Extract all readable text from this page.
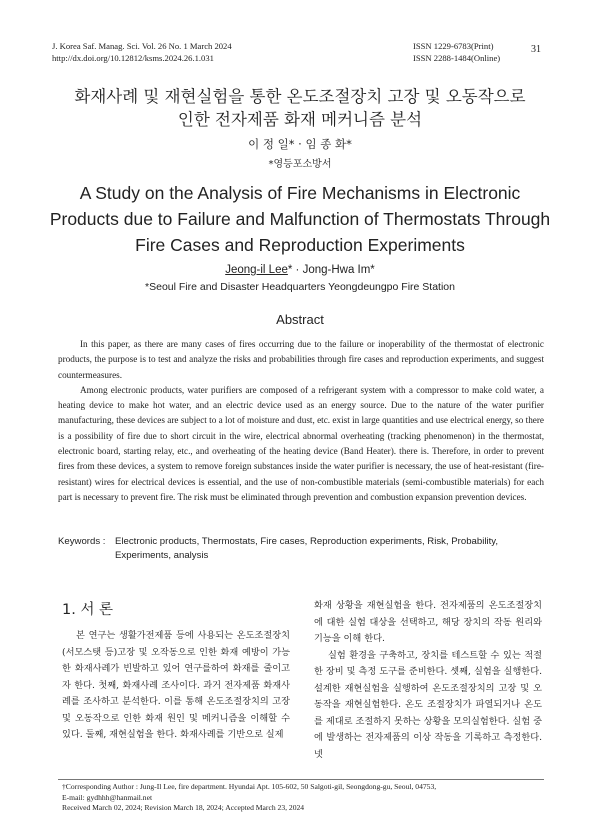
J. Korea Saf. Manag. Sci. Vol. 26 No. 1 March 2024
http://dx.doi.org/10.12812/ksms.2024.26.1.031
ISSN 1229-6783(Print)
ISSN 2288-1484(Online)
31
화재사례 및 재현실험을 통한 온도조절장치 고장 및 오동작으로
인한 전자제품 화재 메커니즘 분석
이 정 일* · 임 종 화*
*영등포소방서
A Study on the Analysis of Fire Mechanisms in Electronic
Products due to Failure and Malfunction of Thermostats Through
Fire Cases and Reproduction Experiments
Jeong-il Lee* · Jong-Hwa Im*
*Seoul Fire and Disaster Headquarters Yeongdeungpo Fire Station
Abstract

In this paper, as there are many cases of fires occurring due to the failure or inoperability of the thermostat of electronic products, the purpose is to test and analyze the risks and probabilities through fire cases and reproduction experiments, and suggest countermeasures.

Among electronic products, water purifiers are composed of a refrigerant system with a compressor to make cold water, a heating device to make hot water, and an electric device used as an energy source. Due to the nature of the water purifier manufacturing, these devices are subject to a lot of moisture and dust, etc. exist in large quantities and use electrical energy, so there is a possibility of fire due to short circuit in the wire, electrical abnormal overheating (tracking phenomenon) in the thermostat, electronic board, starting relay, etc., and overheating of the heating device (Band Heater). there is. Therefore, in order to prevent fires from these devices, a system to remove foreign substances inside the water purifier is necessary, the use of heat-resistant (fire-resistant) wires for electrical devices is essential, and the use of non-combustible materials (semi-combustible materials) for each part is necessary to prevent fire. The risk must be eliminated through prevention and combustion expansion prevention devices.

Keywords : Electronic products, Thermostats, Fire cases, Reproduction experiments, Risk, Probability,
Experiments, analysis
1. 서 론

본 연구는 생활가전제품 등에 사용되는 온도조절장치(서모스탯 등)고장 및 오작동으로 인한 화재 예방이 가능한 화재사례가 빈발하고 있어 연구를하여 화재를 줄이고자 한다. 첫째, 화재사례 조사이다. 과거 전자제품 화재사례를 조사하고 분석한다. 이를 통해 온도조절장치의 고장 및 오동작으로 인한 화재 원인 및 메커니즘을 이해할 수 있다. 둘째, 재현실험을 한다. 화재사례를 기반으로 실제

화재 상황을 재현실험을 한다. 전자제품의 온도조절장치에 대한 실험 대상을 선택하고, 해당 장치의 작동 원리와 기능을 이해 한다.

실험 환경을 구축하고, 장치를 테스트할 수 있는 적절한 장비 및 측정 도구를 준비한다. 셋째, 실험을 실행한다. 설계한 재현실험을 실행하여 온도조절장치의 고장 및 오동작을 재현실험한다. 온도 조절장치가 파열되거나 온도를 제대로 조절하지 못하는 상황을 모의실험한다. 실험 중에 발생하는 전자제품의 이상 작동을 기록하고 측정한다. 넷

†Corresponding Author : Jung-Il Lee, fire department. Hyundai Apt. 105-602, 50 Salgoti-gil, Seongdong-gu, Seoul, 04753,
E-mail: gydhhh@hanmail.net
Received March 02, 2024; Revision March 18, 2024; Accepted March 23, 2024
